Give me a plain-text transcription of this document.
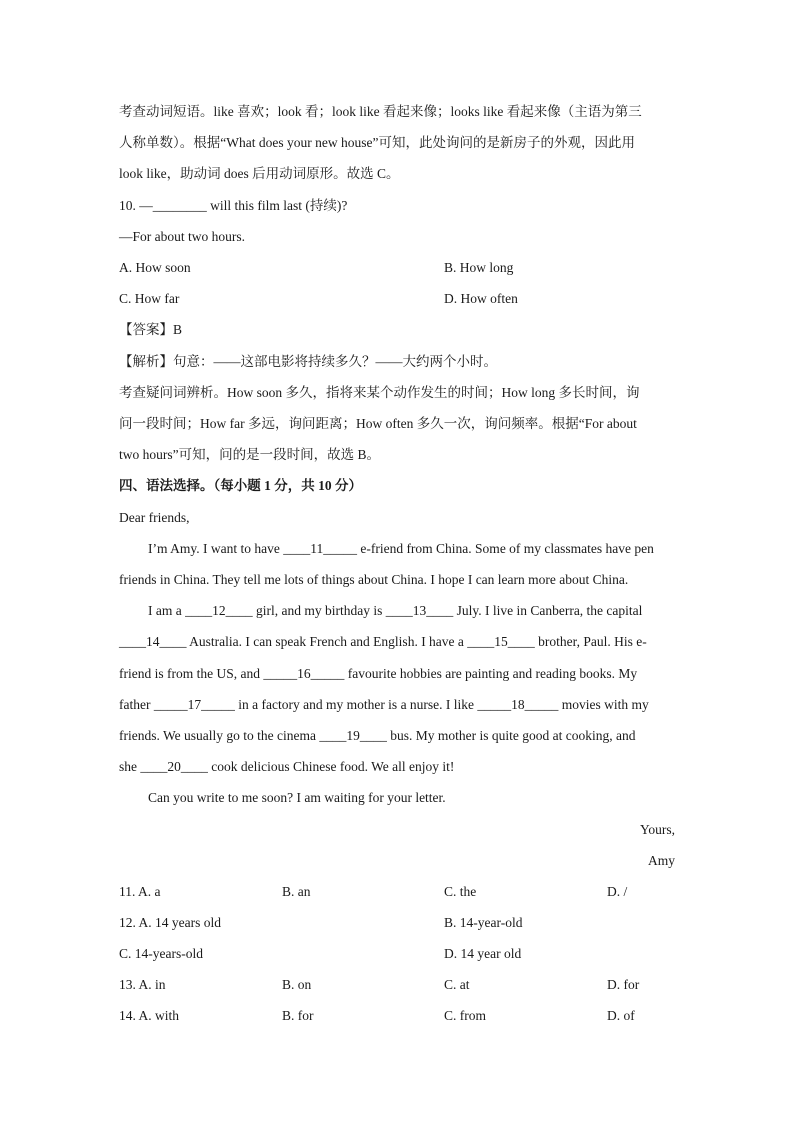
考查动词短语。like 喜欢；look 看；look like 看起来像；looks like 看起来像（主语为第三
人称单数）。根据“What does your new house”可知，此处询问的是新房子的外观，因此用
look like，助动词 does 后用动词原形。故选 C。
10. —________ will this film last (持续)?
—For about two hours.
A. How soon	B. How long
C. How far	D. How often
【答案】B
【解析】句意：——这部电影将持续多久？——大约两个小时。
考查疑问词辨析。How soon 多久，指将来某个动作发生的时间；How long 多长时间，询
问一段时间；How far 多远，询问距离；How often 多久一次，询问频率。根据“For about
two hours”可知，问的是一段时间，故选 B。
四、语法选择。（每小题 1 分，共 10 分）
Dear friends,
I’m Amy. I want to have ____11_____ e-friend from China. Some of my classmates have pen
friends in China. They tell me lots of things about China. I hope I can learn more about China.
I am a ____12____ girl, and my birthday is ____13____ July. I live in Canberra, the capital
____14____ Australia. I can speak French and English. I have a ____15____ brother, Paul. His e-
friend is from the US, and _____16_____ favourite hobbies are painting and reading books. My
father _____17_____ in a factory and my mother is a nurse. I like _____18_____ movies with my
friends. We usually go to the cinema ____19____ bus. My mother is quite good at cooking, and
she ____20____ cook delicious Chinese food. We all enjoy it!
Can you write to me soon? I am waiting for your letter.
Yours,
Amy
11. A. a	B. an	C. the	D. /
12. A. 14 years old	B. 14-year-old
C. 14-years-old	D. 14 year old
13. A. in	B. on	C. at	D. for
14. A. with	B. for	C. from	D. of
